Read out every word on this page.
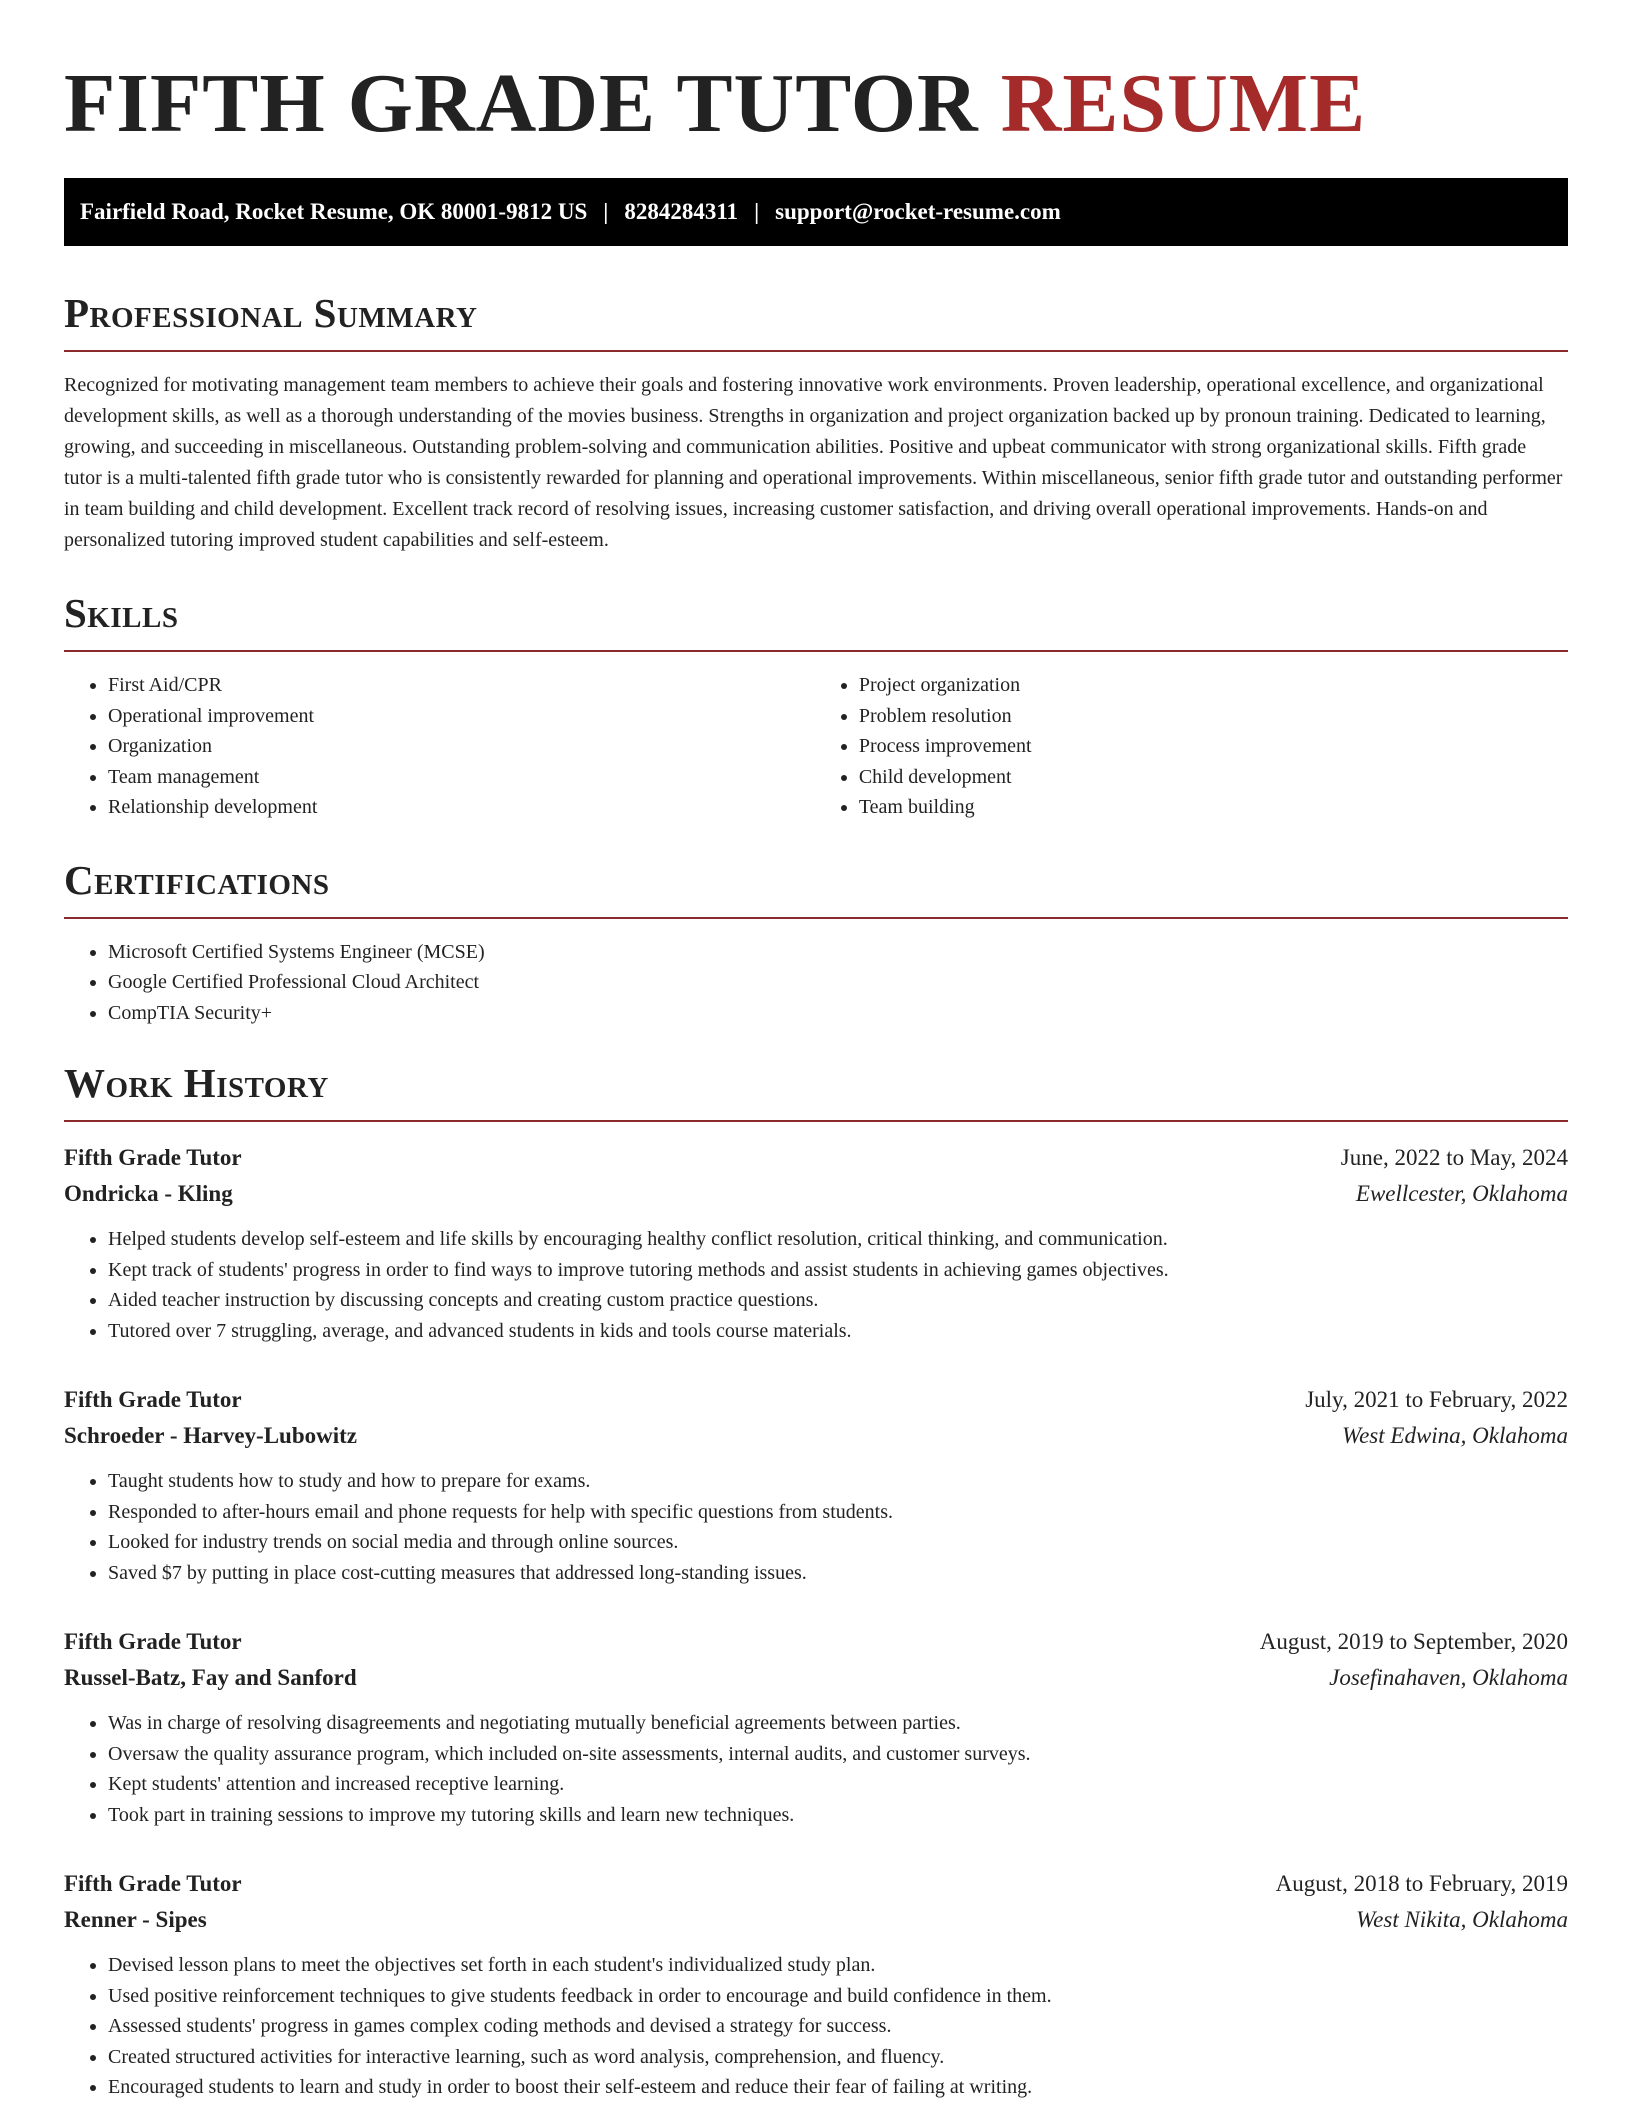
FIFTH GRADE TUTOR RESUME
Fairfield Road, Rocket Resume, OK 80001-9812 US | 8284284311 | support@rocket-resume.com
Professional Summary

Recognized for motivating management team members to achieve their goals and fostering innovative work environments. Proven leadership, operational excellence, and organizational development skills, as well as a thorough understanding of the movies business. Strengths in organization and project organization backed up by pronoun training. Dedicated to learning, growing, and succeeding in miscellaneous. Outstanding problem-solving and communication abilities. Positive and upbeat communicator with strong organizational skills. Fifth grade tutor is a multi-talented fifth grade tutor who is consistently rewarded for planning and operational improvements. Within miscellaneous, senior fifth grade tutor and outstanding performer in team building and child development. Excellent track record of resolving issues, increasing customer satisfaction, and driving overall operational improvements. Hands-on and personalized tutoring improved student capabilities and self-esteem.

Skills
• First Aid/CPR
• Operational improvement
• Organization
• Team management
• Relationship development
• Project organization
• Problem resolution
• Process improvement
• Child development
• Team building
Certifications
• Microsoft Certified Systems Engineer (MCSE)
• Google Certified Professional Cloud Architect
• CompTIA Security+
Work History
Fifth Grade Tutor	June, 2022 to May, 2024
Ondricka - Kling	Ewellcester, Oklahoma
• Helped students develop self-esteem and life skills by encouraging healthy conflict resolution, critical thinking, and communication.
• Kept track of students' progress in order to find ways to improve tutoring methods and assist students in achieving games objectives.
• Aided teacher instruction by discussing concepts and creating custom practice questions.
• Tutored over 7 struggling, average, and advanced students in kids and tools course materials.
Fifth Grade Tutor	July, 2021 to February, 2022
Schroeder - Harvey-Lubowitz	West Edwina, Oklahoma
• Taught students how to study and how to prepare for exams.
• Responded to after-hours email and phone requests for help with specific questions from students.
• Looked for industry trends on social media and through online sources.
• Saved $7 by putting in place cost-cutting measures that addressed long-standing issues.
Fifth Grade Tutor	August, 2019 to September, 2020
Russel-Batz, Fay and Sanford	Josefinahaven, Oklahoma
• Was in charge of resolving disagreements and negotiating mutually beneficial agreements between parties.
• Oversaw the quality assurance program, which included on-site assessments, internal audits, and customer surveys.
• Kept students' attention and increased receptive learning.
• Took part in training sessions to improve my tutoring skills and learn new techniques.
Fifth Grade Tutor	August, 2018 to February, 2019
Renner - Sipes	West Nikita, Oklahoma
• Devised lesson plans to meet the objectives set forth in each student's individualized study plan.
• Used positive reinforcement techniques to give students feedback in order to encourage and build confidence in them.
• Assessed students' progress in games complex coding methods and devised a strategy for success.
• Created structured activities for interactive learning, such as word analysis, comprehension, and fluency.
• Encouraged students to learn and study in order to boost their self-esteem and reduce their fear of failing at writing.
